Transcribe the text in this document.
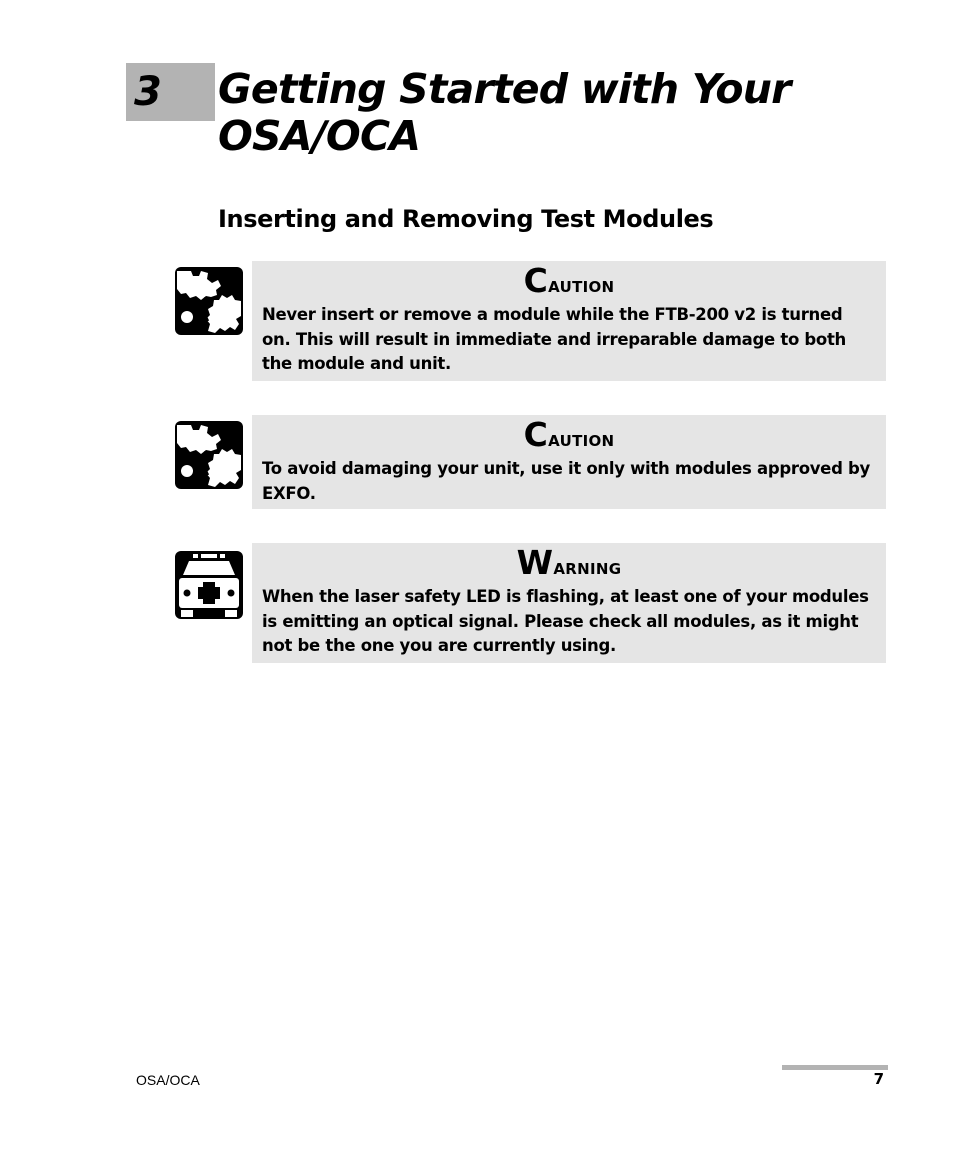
3 Getting Started with Your
OSA/OCA
Inserting and Removing Test Modules
Caution
Never insert or remove a module while the FTB-200 v2 is turned on. This will result in immediate and irreparable damage to both the module and unit.
Caution
To avoid damaging your unit, use it only with modules approved by EXFO.
Warning
When the laser safety LED is flashing, at least one of your modules is emitting an optical signal. Please check all modules, as it might not be the one you are currently using.
OSA/OCA	7
